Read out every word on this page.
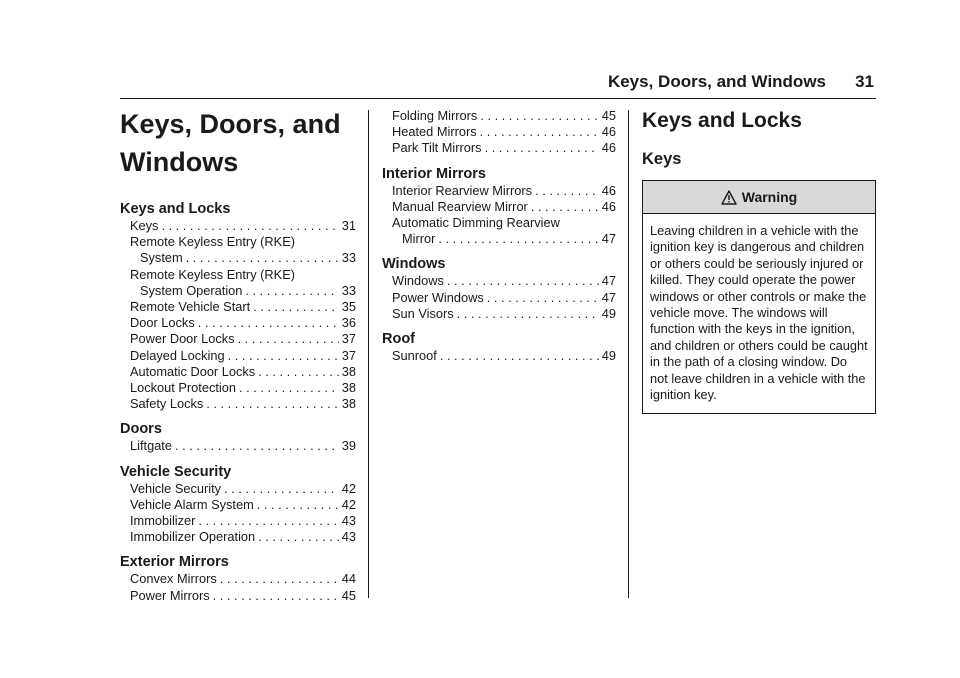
Keys, Doors, and Windows 31
Keys, Doors, and
Windows
Keys and Locks
Keys . . .	31
Remote Keyless Entry (RKE)
System . . .	33
Remote Keyless Entry (RKE)
System Operation . . .	33
Remote Vehicle Start . . .	35
Door Locks . . .	36
Power Door Locks . . .	37
Delayed Locking . . .	37
Automatic Door Locks . . .	38
Lockout Protection . . .	38
Safety Locks . . .	38
Doors
Liftgate . . .	39
Vehicle Security
Vehicle Security . . .	42
Vehicle Alarm System . . .	42
Immobilizer . . .	43
Immobilizer Operation . . .	43
Exterior Mirrors
Convex Mirrors . . .	44
Power Mirrors . . .	45
Folding Mirrors . . .	45
Heated Mirrors . . .	46
Park Tilt Mirrors . . .	46
Interior Mirrors
Interior Rearview Mirrors . . .	46
Manual Rearview Mirror . . .	46
Automatic Dimming Rearview
Mirror . . .	47
Windows
Windows . . .	47
Power Windows . . .	47
Sun Visors . . .	49
Roof
Sunroof . . .	49
Keys and Locks
Keys
Warning
Leaving children in a vehicle with the ignition key is dangerous and children or others could be seriously injured or killed. They could operate the power windows or other controls or make the vehicle move. The windows will function with the keys in the ignition, and children or others could be caught in the path of a closing window. Do not leave children in a vehicle with the ignition key.
